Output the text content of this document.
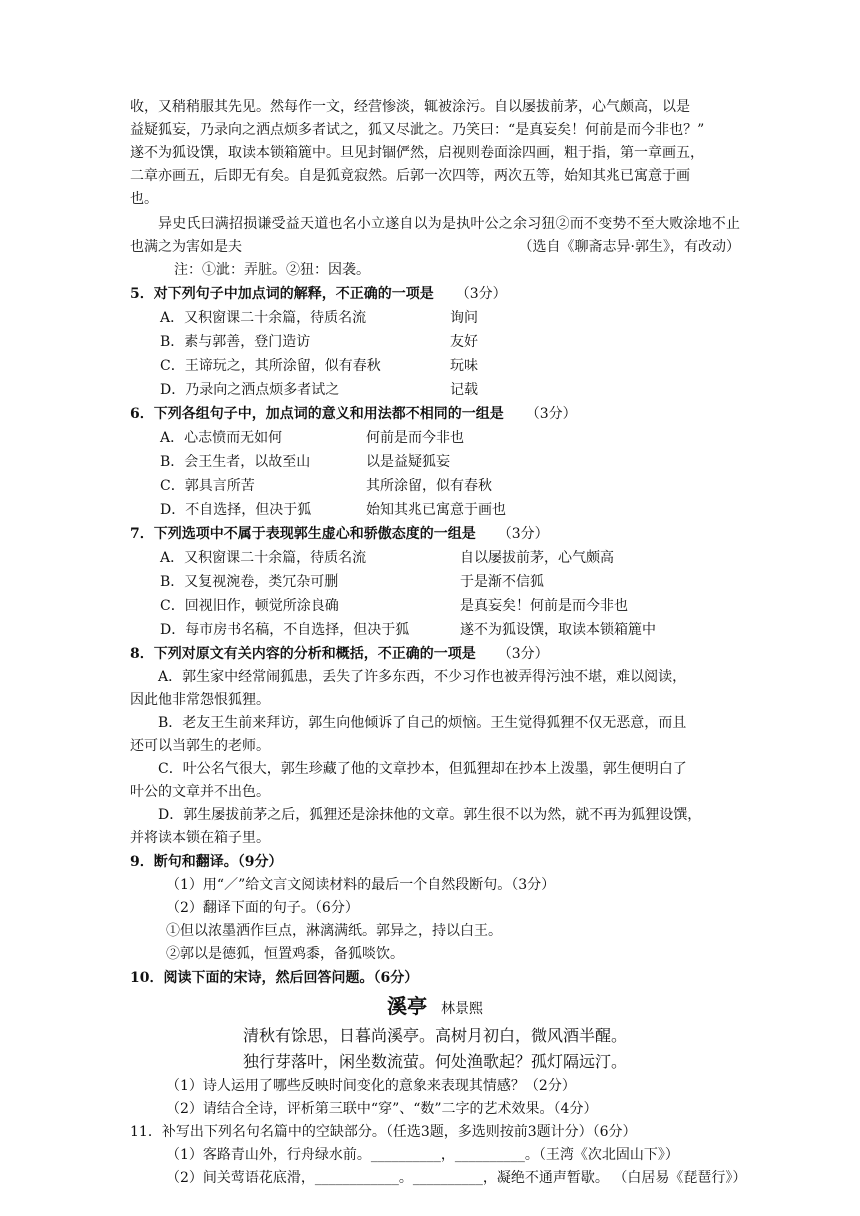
收，又稍稍服其先见。然每作一文，经营惨淡，辄被涂污。自以屡拔前茅，心气颇高，以是

益疑狐妄，乃录向之洒点烦多者试之，狐又尽泚之。乃笑曰：“是真妄矣！何前是而今非也？”

遂不为狐设馔，取读本锁箱簏中。旦见封锢俨然，启视则卷面涂四画，粗于指，第一章画五，

二章亦画五，后即无有矣。自是狐竟寂然。后郭一次四等，两次五等，始知其兆已寓意于画

也。

异史氏曰满招损谦受益天道也名小立遂自以为是执叶公之余习狃②而不变势不至大败涂地不止也满之为害如是夫	（选自《聊斋志异·郭生》，有改动）

注：①泚：弄脏。②狃：因袭。

5．对下列句子中加点词的解释，不正确的一项是 （3分）

A．又积窗课二十余篇，待质名流	询问
B．素与郭善，登门造访	友好
C．王谛玩之，其所涂留，似有春秋	玩味
D．乃录向之洒点烦多者试之	记载

6．下列各组句子中，加点词的意义和用法都不相同的一组是 （3分）

A．心志愤而无如何	何前是而今非也
B．会王生者，以故至山	以是益疑狐妄
C．郭具言所苦	其所涂留，似有春秋
D．不自选择，但决于狐	始知其兆已寓意于画也

7．下列选项中不属于表现郭生虚心和骄傲态度的一组是 （3分）

A．又积窗课二十余篇，待质名流	自以屡拔前茅，心气颇高
B．又复视涴卷，类冗杂可删	于是渐不信狐
C．回视旧作，顿觉所涂良确	是真妄矣！何前是而今非也
D．每市房书名稿，不自选择，但决于狐	遂不为狐设馔，取读本锁箱簏中

8．下列对原文有关内容的分析和概括，不正确的一项是 （3分）

A．郭生家中经常闹狐患，丢失了许多东西，不少习作也被弄得污浊不堪，难以阅读，

因此他非常怨恨狐狸。

B．老友王生前来拜访，郭生向他倾诉了自己的烦恼。王生觉得狐狸不仅无恶意，而且

还可以当郭生的老师。

C．叶公名气很大，郭生珍藏了他的文章抄本，但狐狸却在抄本上泼墨，郭生便明白了

叶公的文章并不出色。

D．郭生屡拔前茅之后，狐狸还是涂抹他的文章。郭生很不以为然，就不再为狐狸设馔，

并将读本锁在箱子里。

9．断句和翻译。（9分）

（1）用“／”给文言文阅读材料的最后一个自然段断句。（3分）

（2）翻译下面的句子。（6分）

①但以浓墨洒作巨点，淋漓满纸。郭异之，持以白王。

②郭以是德狐，恒置鸡黍，备狐啖饮。

10．阅读下面的宋诗，然后回答问题。（6分）

溪亭 林景熙

清秋有馀思，日暮尚溪亭。高树月初白，微风酒半醒。

独行芽落叶，闲坐数流萤。何处渔歌起？孤灯隔远汀。

（1）诗人运用了哪些反映时间变化的意象来表现其情感？（2分）

（2）请结合全诗，评析第三联中“穿”、“数”二字的艺术效果。（4分）

11．补写出下列名句名篇中的空缺部分。（任选3题，多选则按前3题计分）（6分）

（1）客路青山外，行舟绿水前。__________，__________。（王湾《次北固山下》）

（2）间关莺语花底滑，____________。__________，凝绝不通声暂歇。 （白居易《琵琶行》）
